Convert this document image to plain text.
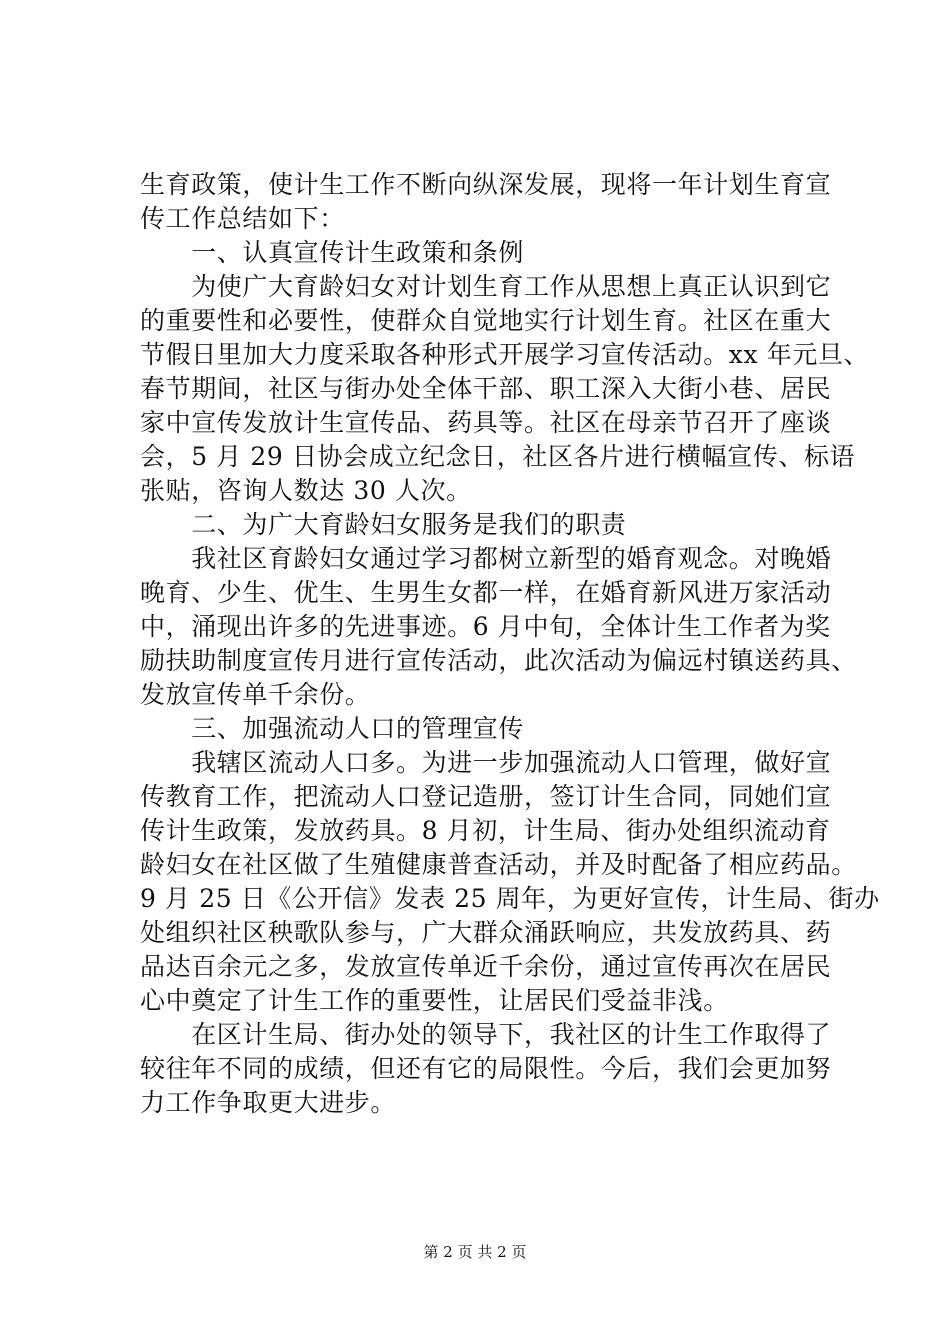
生育政策，使计生工作不断向纵深发展，现将一年计划生育宣

传工作总结如下：

　　一、认真宣传计生政策和条例

　　为使广大育龄妇女对计划生育工作从思想上真正认识到它

的重要性和必要性，使群众自觉地实行计划生育。社区在重大

节假日里加大力度采取各种形式开展学习宣传活动。xx 年元旦、

春节期间，社区与街办处全体干部、职工深入大街小巷、居民

家中宣传发放计生宣传品、药具等。社区在母亲节召开了座谈

会，5 月 29 日协会成立纪念日，社区各片进行横幅宣传、标语

张贴，咨询人数达 30 人次。

　　二、为广大育龄妇女服务是我们的职责

　　我社区育龄妇女通过学习都树立新型的婚育观念。对晚婚

晚育、少生、优生、生男生女都一样，在婚育新风进万家活动

中，涌现出许多的先进事迹。6 月中旬，全体计生工作者为奖

励扶助制度宣传月进行宣传活动，此次活动为偏远村镇送药具、

发放宣传单千余份。

　　三、加强流动人口的管理宣传

　　我辖区流动人口多。为进一步加强流动人口管理，做好宣

传教育工作，把流动人口登记造册，签订计生合同，同她们宣

传计生政策，发放药具。8 月初，计生局、街办处组织流动育

龄妇女在社区做了生殖健康普查活动，并及时配备了相应药品。

9 月 25 日《公开信》发表 25 周年，为更好宣传，计生局、街办

处组织社区秧歌队参与，广大群众涌跃响应，共发放药具、药

品达百余元之多，发放宣传单近千余份，通过宣传再次在居民

心中奠定了计生工作的重要性，让居民们受益非浅。

　　在区计生局、街办处的领导下，我社区的计生工作取得了

较往年不同的成绩，但还有它的局限性。今后，我们会更加努

力工作争取更大进步。

第 2 页 共 2 页
